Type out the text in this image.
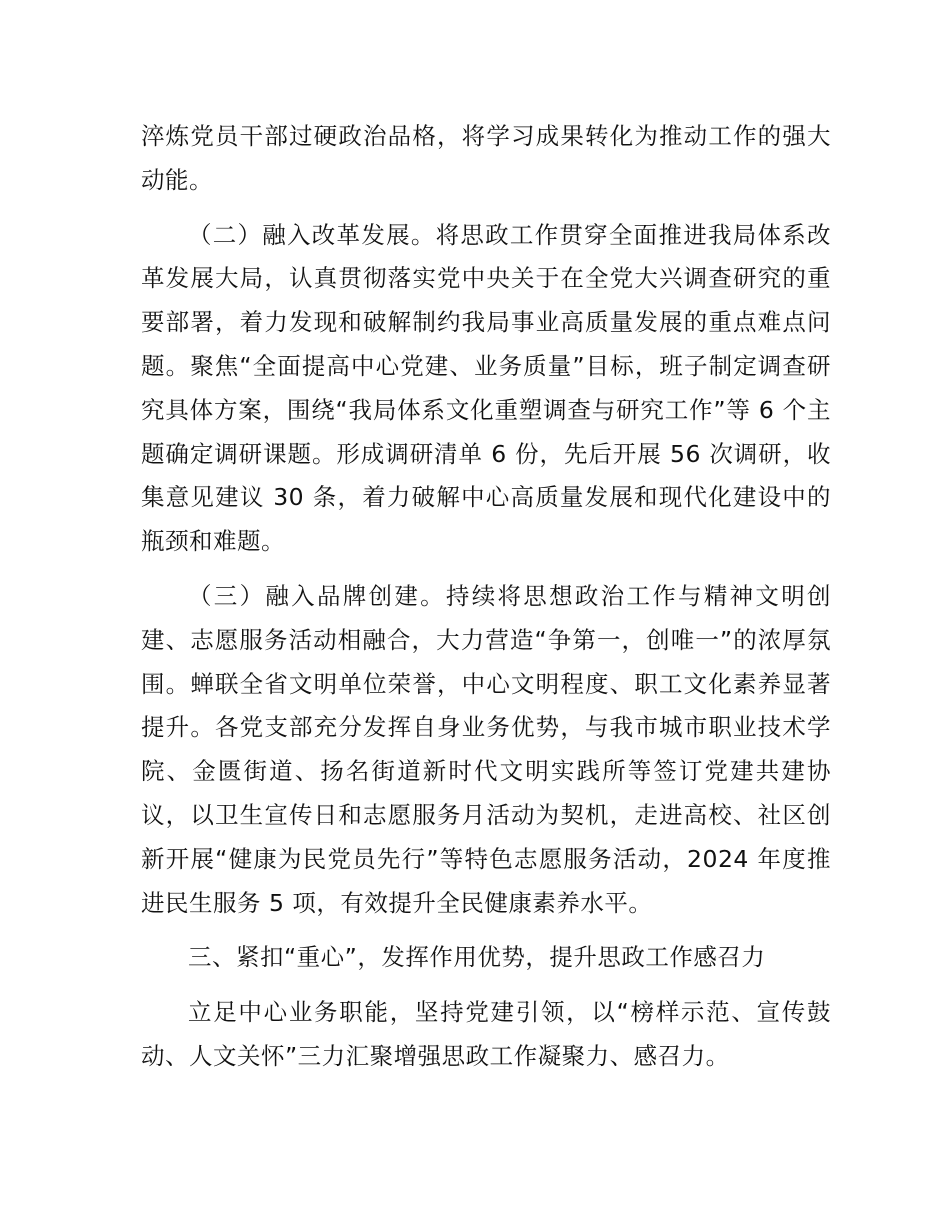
淬炼党员干部过硬政治品格，将学习成果转化为推动工作的强大动能。

（二）融入改革发展。将思政工作贯穿全面推进我局体系改革发展大局，认真贯彻落实党中央关于在全党大兴调查研究的重要部署，着力发现和破解制约我局事业高质量发展的重点难点问题。聚焦“全面提高中心党建、业务质量”目标，班子制定调查研究具体方案，围绕“我局体系文化重塑调查与研究工作”等 6 个主题确定调研课题。形成调研清单 6 份，先后开展 56 次调研，收集意见建议 30 条，着力破解中心高质量发展和现代化建设中的瓶颈和难题。

（三）融入品牌创建。持续将思想政治工作与精神文明创建、志愿服务活动相融合，大力营造“争第一，创唯一”的浓厚氛围。蝉联全省文明单位荣誉，中心文明程度、职工文化素养显著提升。各党支部充分发挥自身业务优势，与我市城市职业技术学院、金匮街道、扬名街道新时代文明实践所等签订党建共建协议，以卫生宣传日和志愿服务月活动为契机，走进高校、社区创新开展“健康为民党员先行”等特色志愿服务活动，2024 年度推进民生服务 5 项，有效提升全民健康素养水平。

三、紧扣“重心”，发挥作用优势，提升思政工作感召力

立足中心业务职能，坚持党建引领，以“榜样示范、宣传鼓动、人文关怀”三力汇聚增强思政工作凝聚力、感召力。
